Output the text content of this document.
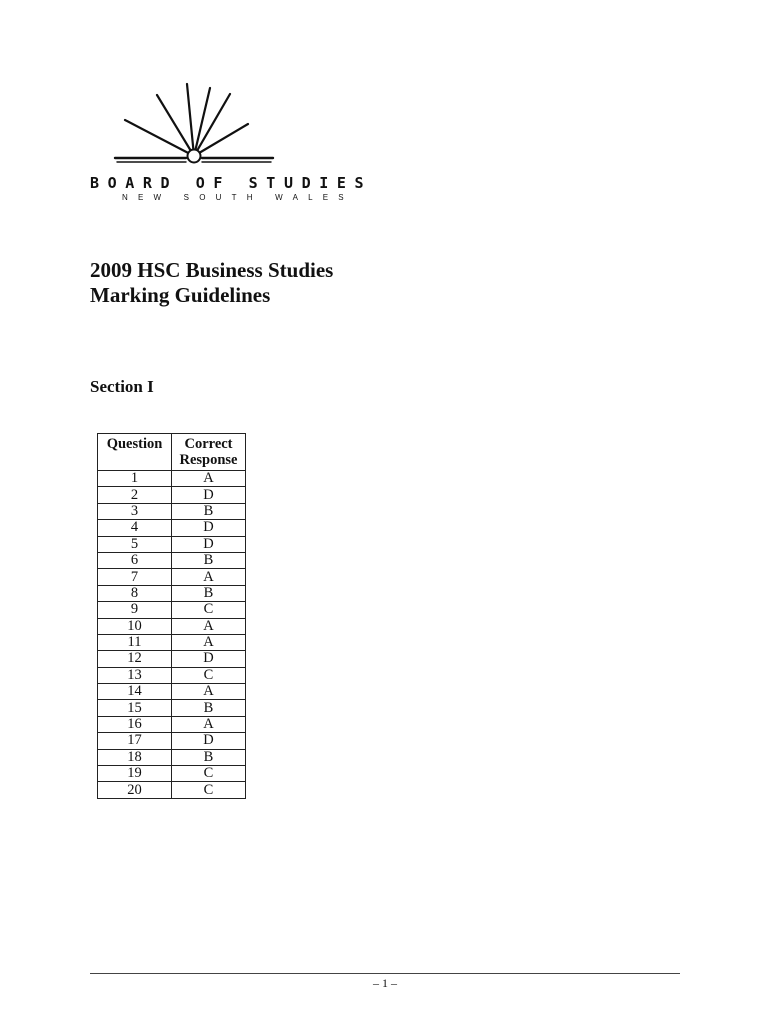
BOARD OF STUDIES
NEW SOUTH WALES
2009 HSC Business Studies
Marking Guidelines
Section I
Question	Correct
Response
1	A
2	D
3	B
4	D
5	D
6	B
7	A
8	B
9	C
10	A
11	A
12	D
13	C
14	A
15	B
16	A
17	D
18	B
19	C
20	C
– 1 –
